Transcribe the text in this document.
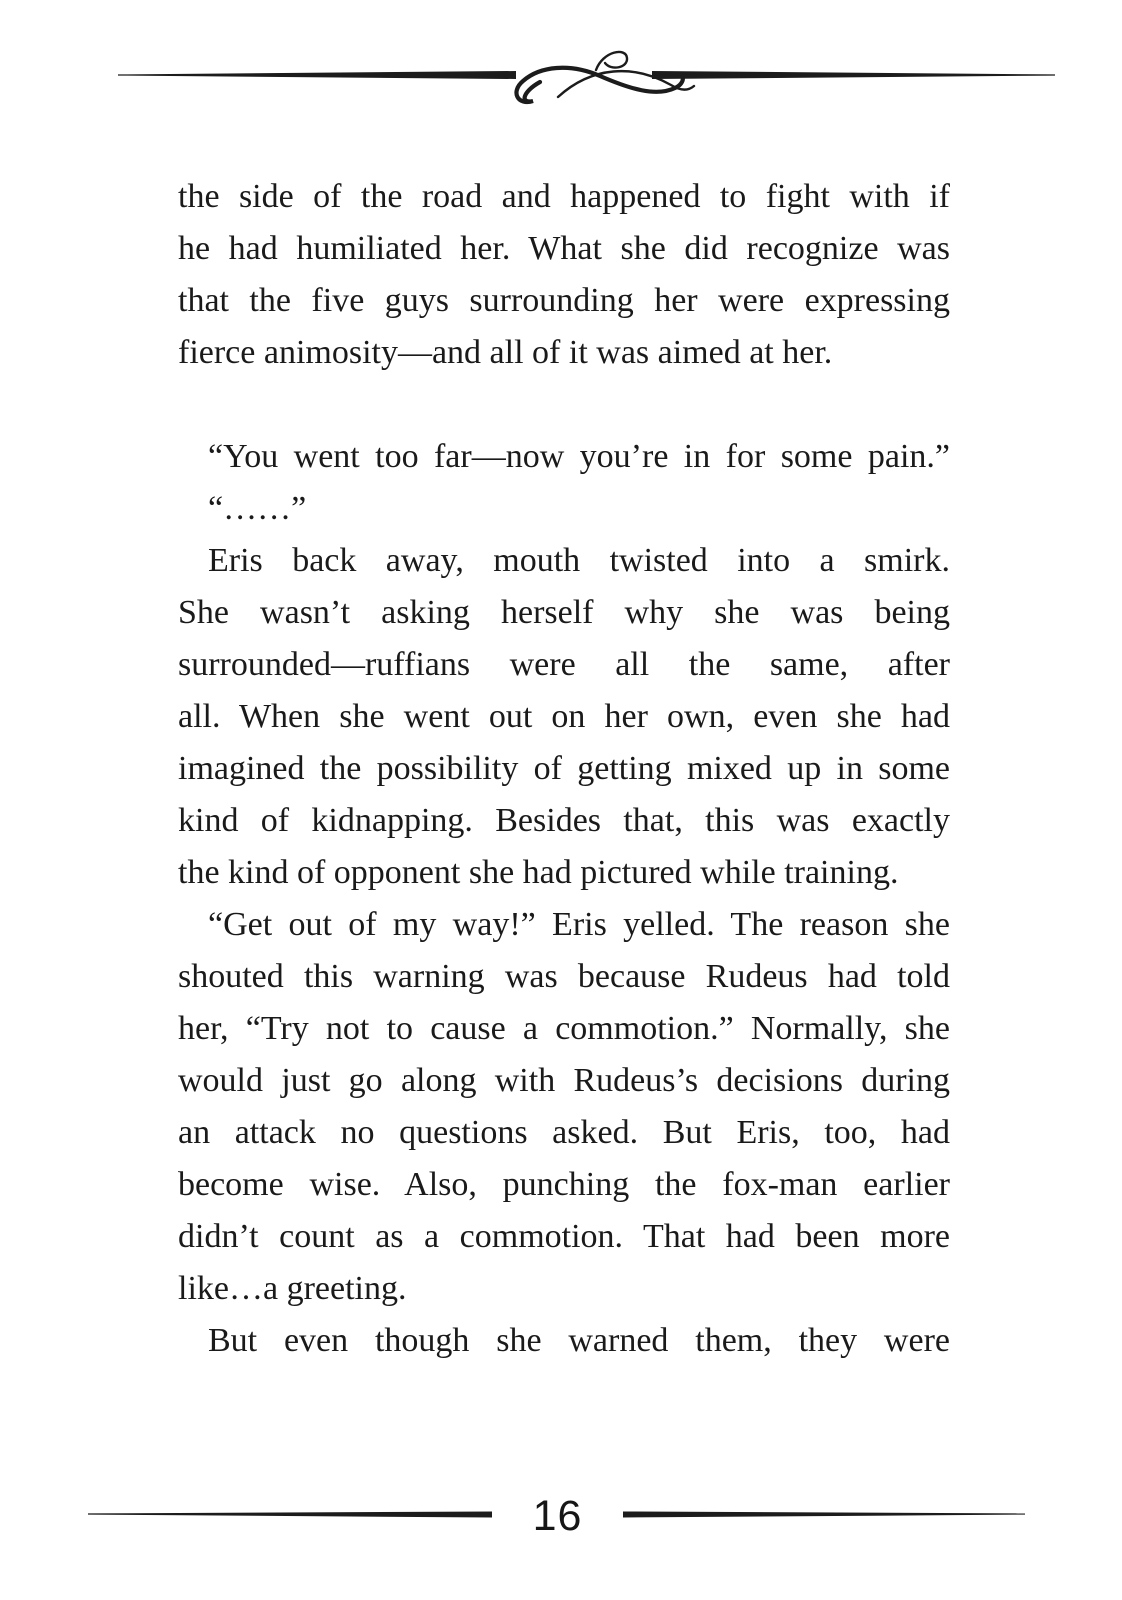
the side of the road and happened to fight with if
he had humiliated her. What she did recognize was
that the five guys surrounding her were expressing
fierce animosity—and all of it was aimed at her.
“You went too far—now you’re in for some pain.”
“……”
Eris back away, mouth twisted into a smirk.
She wasn’t asking herself why she was being
surrounded—ruffians were all the same, after
all. When she went out on her own, even she had
imagined the possibility of getting mixed up in some
kind of kidnapping. Besides that, this was exactly
the kind of opponent she had pictured while training.
“Get out of my way!” Eris yelled. The reason she
shouted this warning was because Rudeus had told
her, “Try not to cause a commotion.” Normally, she
would just go along with Rudeus’s decisions during
an attack no questions asked. But Eris, too, had
become wise. Also, punching the fox-man earlier
didn’t count as a commotion. That had been more
like…a greeting.
But even though she warned them, they were
16
